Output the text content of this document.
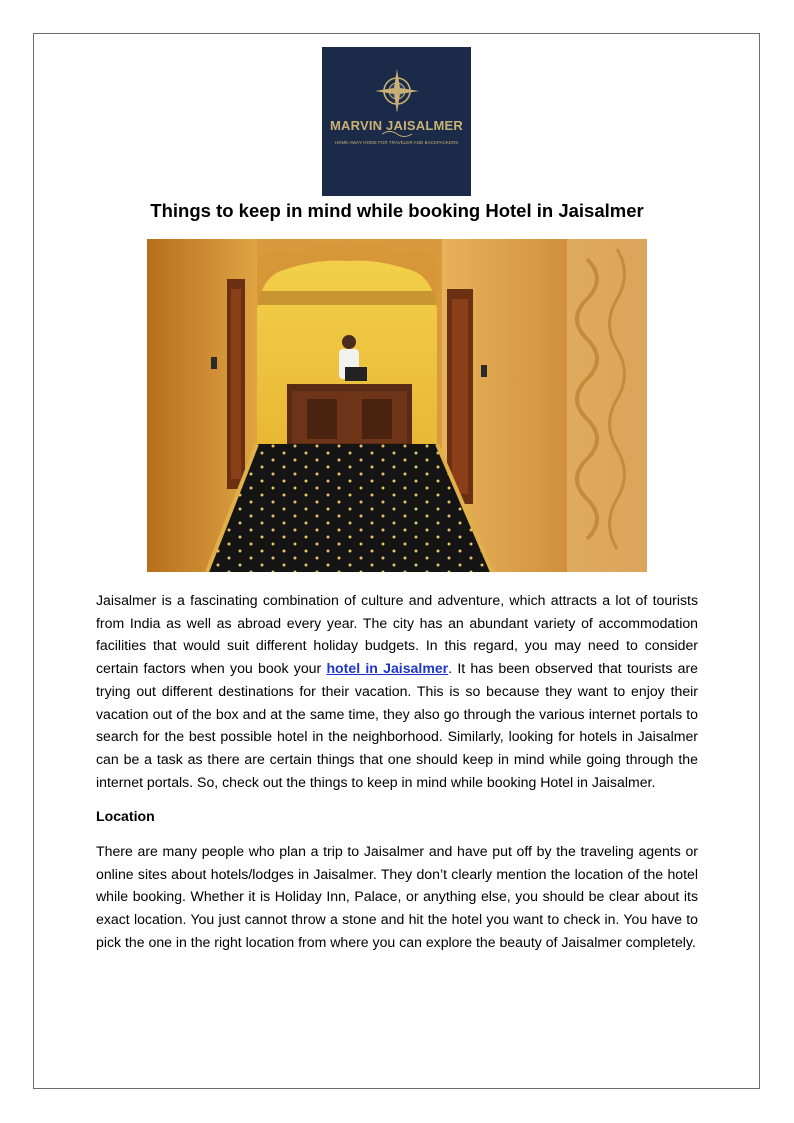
MARVIN JAISALMER
HOME AWAY HOME FOR TRAVELER AND BACKPACKERS
Things to keep in mind while booking Hotel in Jaisalmer

Jaisalmer is a fascinating combination of culture and adventure, which attracts a lot of tourists from India as well as abroad every year. The city has an abundant variety of accommodation facilities that would suit different holiday budgets. In this regard, you may need to consider certain factors when you book your hotel in Jaisalmer. It has been observed that tourists are trying out different destinations for their vacation. This is so because they want to enjoy their vacation out of the box and at the same time, they also go through the various internet portals to search for the best possible hotel in the neighborhood. Similarly, looking for hotels in Jaisalmer can be a task as there are certain things that one should keep in mind while going through the internet portals. So, check out the things to keep in mind while booking Hotel in Jaisalmer.

Location

There are many people who plan a trip to Jaisalmer and have put off by the traveling agents or online sites about hotels/lodges in Jaisalmer. They don’t clearly mention the location of the hotel while booking. Whether it is Holiday Inn, Palace, or anything else, you should be clear about its exact location. You just cannot throw a stone and hit the hotel you want to check in. You have to pick the one in the right location from where you can explore the beauty of Jaisalmer completely.
